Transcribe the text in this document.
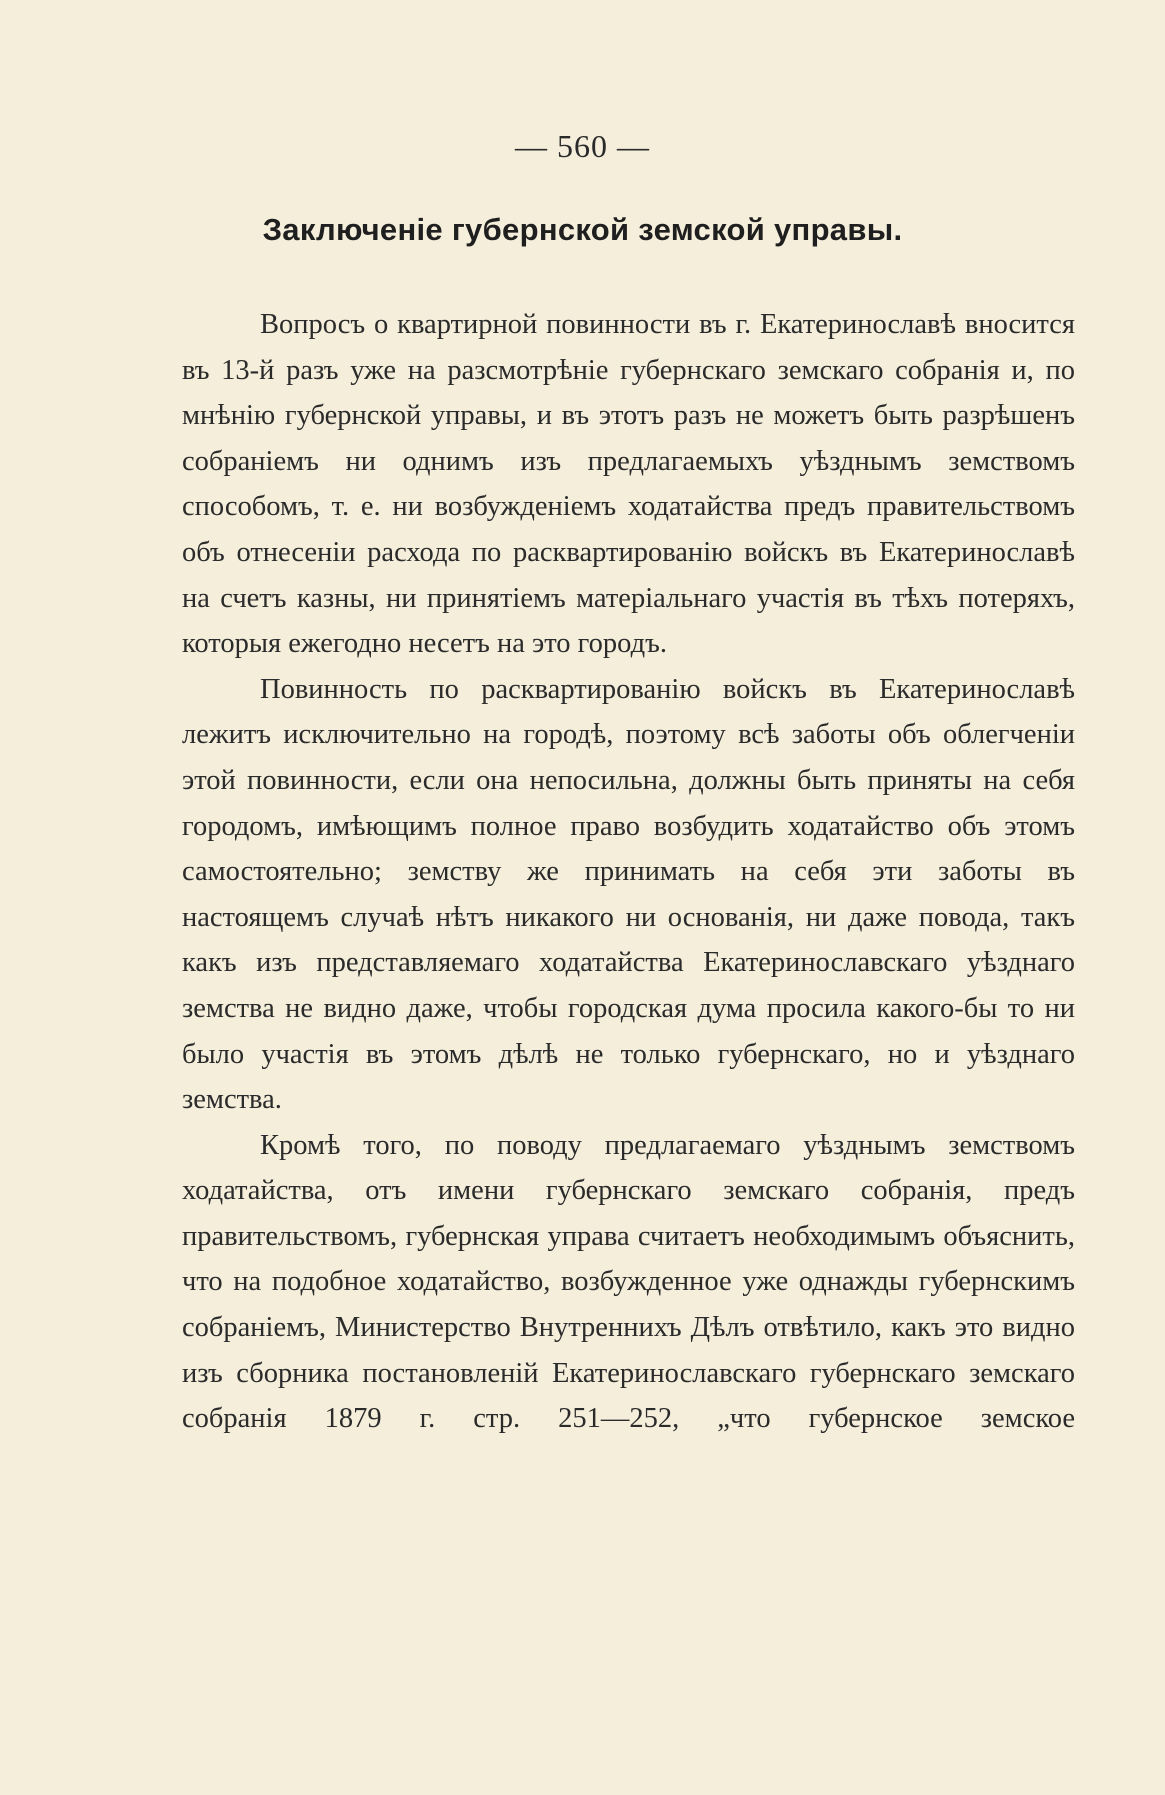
— 560 —
Заключеніе губернской земской управы.

Вопросъ о квартирной повинности въ г. Екатеринославѣ вносится въ 13-й разъ уже на разсмотрѣніе губернскаго земскаго собранія и, по мнѣнію губернской управы, и въ этотъ разъ не можетъ быть разрѣшенъ собраніемъ ни однимъ изъ предлагаемыхъ уѣзднымъ земствомъ способомъ, т. е. ни возбужденіемъ ходатайства предъ правительствомъ объ отнесеніи расхода по расквартированію войскъ въ Екатеринославѣ на счетъ казны, ни принятіемъ матеріальнаго участія въ тѣхъ потеряхъ, которыя ежегодно несетъ на это городъ.

Повинность по расквартированію войскъ въ Екатеринославѣ лежитъ исключительно на городѣ, поэтому всѣ заботы объ облегченіи этой повинности, если она непосильна, должны быть приняты на себя городомъ, имѣющимъ полное право возбудить ходатайство объ этомъ самостоятельно; земству же принимать на себя эти заботы въ настоящемъ случаѣ нѣтъ никакого ни основанія, ни даже повода, такъ какъ изъ представляемаго ходатайства Екатеринославскаго уѣзднаго земства не видно даже, чтобы городская дума просила какого-бы то ни было участія въ этомъ дѣлѣ не только губернскаго, но и уѣзднаго земства.

Кромѣ того, по поводу предлагаемаго уѣзднымъ земствомъ ходатайства, отъ имени губернскаго земскаго собранія, предъ правительствомъ, губернская управа считаетъ необходимымъ объяснить, что на подобное ходатайство, возбужденное уже однажды губернскимъ собраніемъ, Министерство Внутреннихъ Дѣлъ отвѣтило, какъ это видно изъ сборника постановленій Екатеринославскаго губернскаго земскаго собранія 1879 г. стр. 251—252, „что губернское земское
